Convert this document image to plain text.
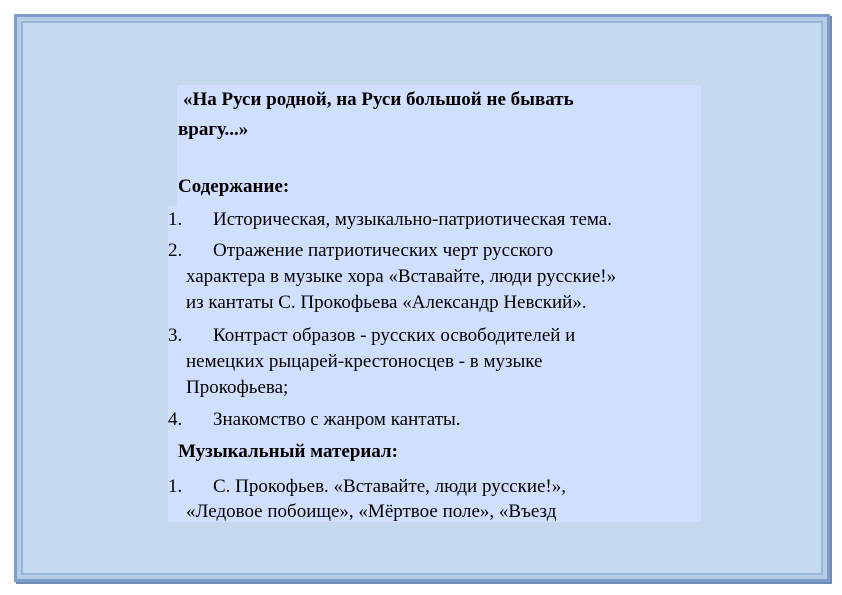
«На Руси родной, на Руси большой не бывать
врагу...»
Содержание:
1. Историческая, музыкально-патриотическая тема.
2. Отражение патриотических черт русского
характера в музыке хора «Вставайте, люди русские!»
из кантаты С. Прокофьева «Александр Невский».
3. Контраст образов - русских освободителей и
немецких рыцарей-крестоносцев - в музыке
Прокофьева;
4. Знакомство с жанром кантаты.
Музыкальный материал:
1. С. Прокофьев. «Вставайте, люди русские!»,
«Ледовое побоище», «Мёртвое поле», «Въезд
